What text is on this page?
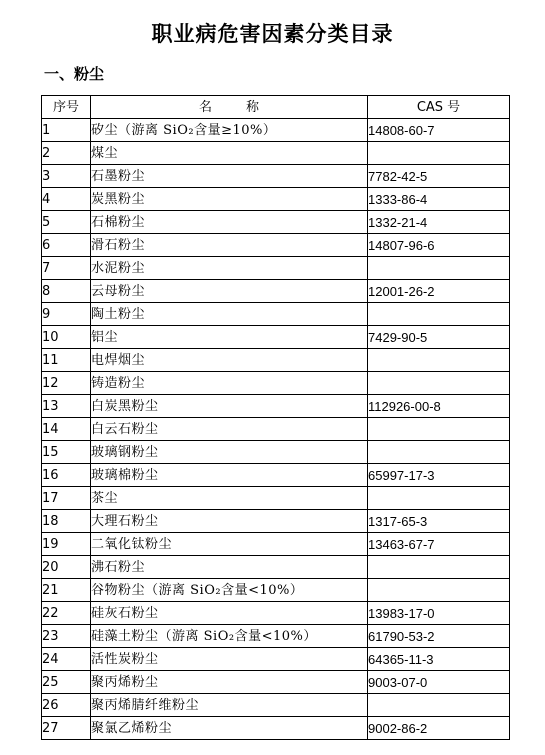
职业病危害因素分类目录
一、粉尘
序号	名 称	CAS 号
1	矽尘（游离 SiO₂含量≥10%）	14808-60-7
2	煤尘	
3	石墨粉尘	7782-42-5
4	炭黑粉尘	1333-86-4
5	石棉粉尘	1332-21-4
6	滑石粉尘	14807-96-6
7	水泥粉尘	
8	云母粉尘	12001-26-2
9	陶土粉尘	
10	铝尘	7429-90-5
11	电焊烟尘	
12	铸造粉尘	
13	白炭黑粉尘	112926-00-8
14	白云石粉尘	
15	玻璃钢粉尘	
16	玻璃棉粉尘	65997-17-3
17	茶尘	
18	大理石粉尘	1317-65-3
19	二氧化钛粉尘	13463-67-7
20	沸石粉尘	
21	谷物粉尘（游离 SiO₂含量<10%）	
22	硅灰石粉尘	13983-17-0
23	硅藻土粉尘（游离 SiO₂含量<10%）	61790-53-2
24	活性炭粉尘	64365-11-3
25	聚丙烯粉尘	9003-07-0
26	聚丙烯腈纤维粉尘	
27	聚氯乙烯粉尘	9002-86-2
